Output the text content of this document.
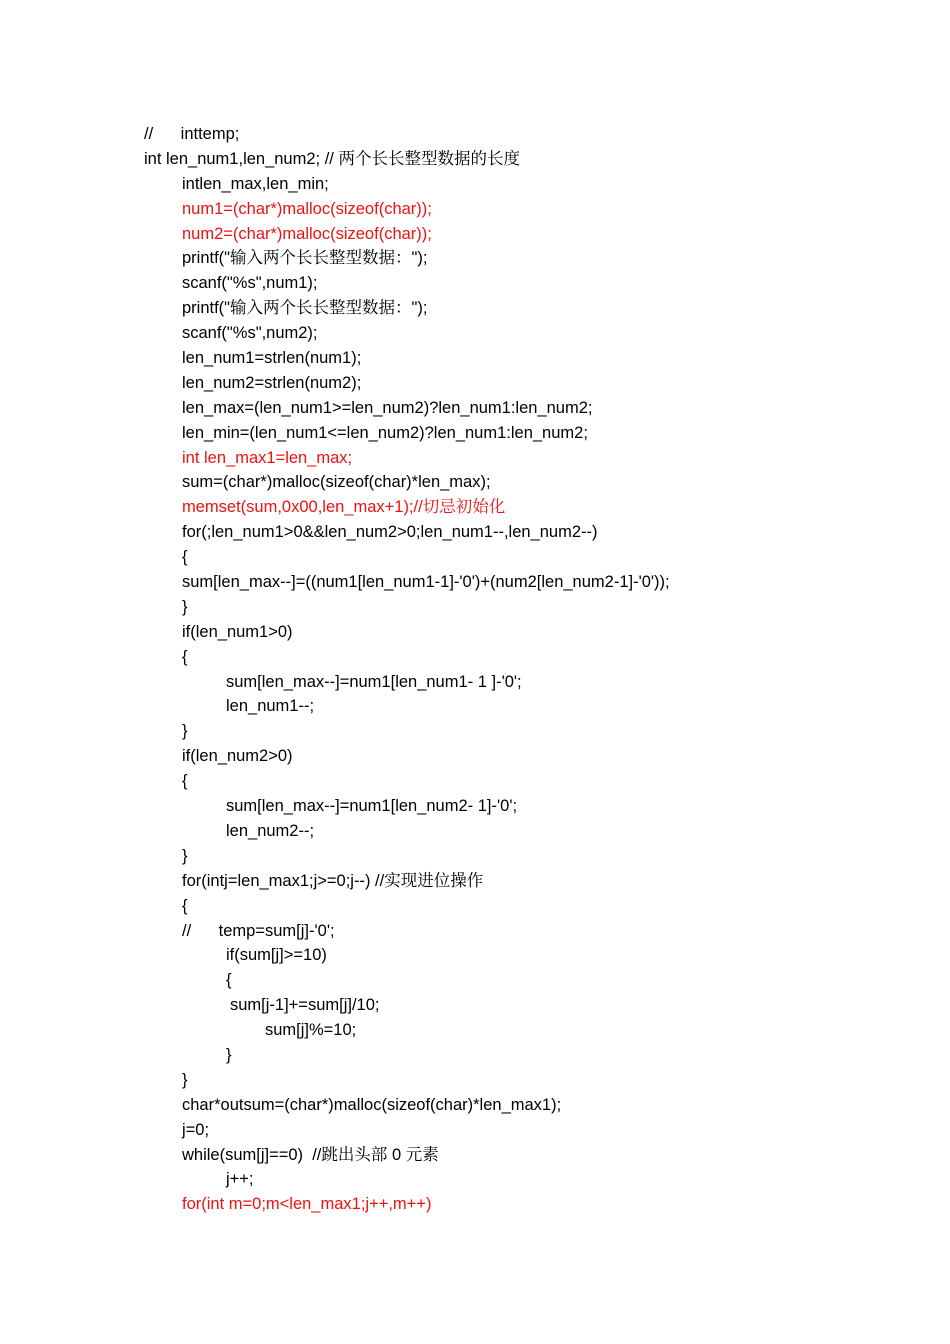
//      inttemp;
int len_num1,len_num2; // 两个长长整型数据的长度
intlen_max,len_min;
num1=(char*)malloc(sizeof(char));
num2=(char*)malloc(sizeof(char));
printf("输入两个长长整型数据：");
scanf("%s",num1);
printf("输入两个长长整型数据：");
scanf("%s",num2);
len_num1=strlen(num1);
len_num2=strlen(num2);
len_max=(len_num1>=len_num2)?len_num1:len_num2;
len_min=(len_num1<=len_num2)?len_num1:len_num2;
int len_max1=len_max;
sum=(char*)malloc(sizeof(char)*len_max);
memset(sum,0x00,len_max+1);//切忌初始化
for(;len_num1>0&&len_num2>0;len_num1--,len_num2--)
{
sum[len_max--]=((num1[len_num1-1]-'0')+(num2[len_num2-1]-'0'));
}
if(len_num1>0)
{
sum[len_max--]=num1[len_num1- 1 ]-'0';
len_num1--;
}
if(len_num2>0)
{
sum[len_max--]=num1[len_num2- 1]-'0';
len_num2--;
}
for(intj=len_max1;j>=0;j--) //实现进位操作
{
//      temp=sum[j]-'0';
if(sum[j]>=10)
{
sum[j-1]+=sum[j]/10;
sum[j]%=10;
}
}
char*outsum=(char*)malloc(sizeof(char)*len_max1);
j=0;
while(sum[j]==0)  //跳出头部 0 元素
j++;
for(int m=0;m<len_max1;j++,m++)
